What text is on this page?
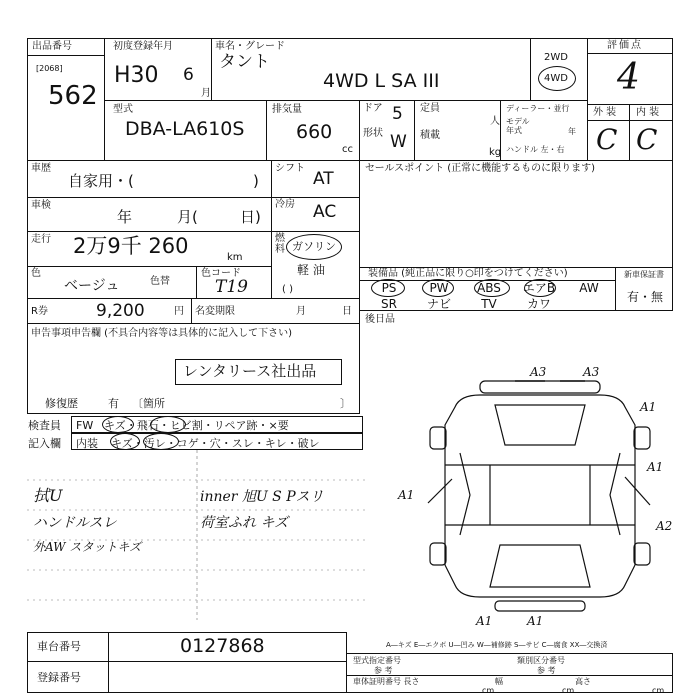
出品番号
[2068]
562
初度登録年月
H30 6
月
車名・グレード
タント
4WD L SA III
2WD
4WD
評価点
4
外 装 内 装
C C
型式
DBA-LA610S
排気量
660
cc
ドア 5
形状 W
定員
人
積載
kg
ディーラー・並行
モデル年式	年
ハンドル 左・右
車歴
自家用・(	)
シフト
AT
セールスポイント (正常に機能するものに限ります)
車検
年	月(	日)
冷房 AC
走行 2万9千 260	km
燃料 ガソリン
軽 油
( )
色
ベージュ	色替
色コード
T19
装備品 (純正品に限り○印をつけてください)
PS	PW	ABS	エアB	AW
SR	ナビ	TV	カワ
新車保証書
有・無
R券	9,200	円 名変期限	月	日
後日品
申告事項申告欄 (不具合内容等は具体的に記入して下さい)
レンタリース社出品
修復歴	有 〔箇所	〕
検査員 FW キズ・飛石・ヒビ割・リペア跡・×要
記入欄 内装 キズ・汚レ・コゲ・穴・スレ・キレ・破レ
拭U
ハンドルスレ
外AW スタットキズ
inner 旭U S Pスリ
荷室ふれ キズ
A3	A3
A1
A1
A1
A2
A1	A1
車台番号	0127868
登録番号
A―キズ E―エクボ U―凹み W―補修跡 S―サビ C―腐食 XX―交換済
型式指定番号	類別区分番号
参 考	参 考
車体証明番号 長さ	幅	高さ
cm	cm	cm
